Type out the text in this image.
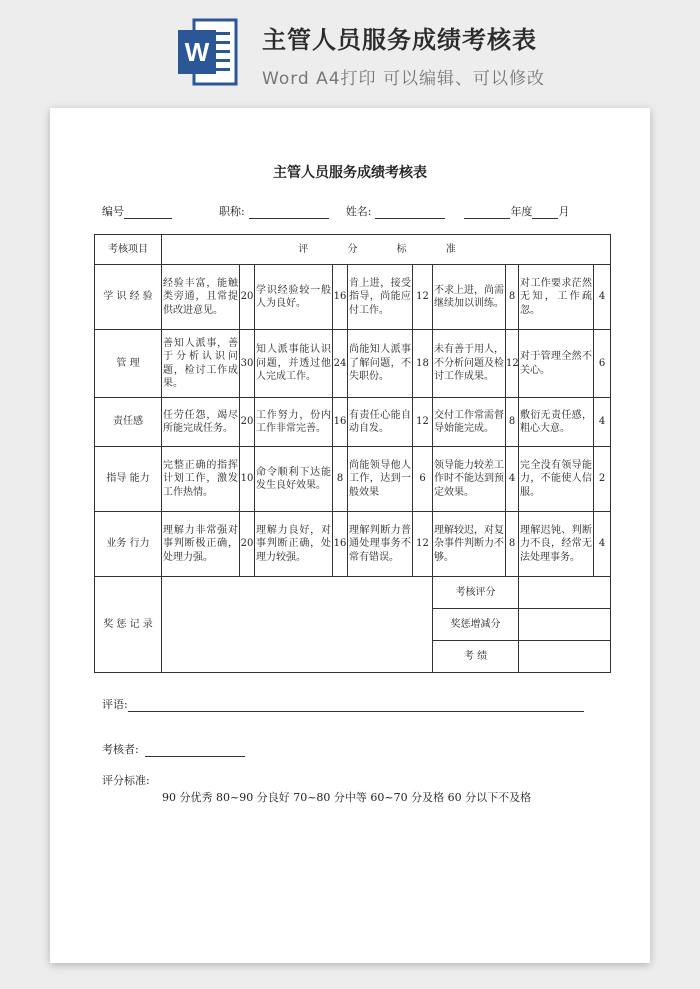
W 主管人员服务成绩考核表
Word A4打印 可以编辑、可以修改
主管人员服务成绩考核表
编号	职称:	姓名:	年度 月
考核项目	评 分 标 准									
学 识 经 验	经验丰富，能触类旁通，且常提供改进意见。	20	学识经验较一般人为良好。	16	肯上进，接受指导，尚能应付工作。	12	不求上进，尚需继续加以训练。	8	对工作要求茫然无知，工作疏忽。	4
管 理	善知人派事，善于分析认识问题，检讨工作成果。	30	知人派事能认识问题，并透过他人完成工作。	24	尚能知人派事了解问题，不失职份。	18	未有善于用人，不分析问题及检讨工作成果。	12	对于管理全然不关心。	6
责任感	任劳任怨，竭尽所能完成任务。	20	工作努力，份内工作非常完善。	16	有责任心能自动自发。	12	交付工作常需督导始能完成。	8	敷衍无责任感，粗心大意。	4
指导 能力	完整正确的指挥计划工作，激发工作热情。	10	命令顺利下达能发生良好效果。	8	尚能领导他人工作，达到一般效果	6	领导能力较差工作时不能达到预定效果。	4	完全没有领导能力，不能使人信服。	2
业务 行力	理解力非常强对事判断极正确，处理力强。	20	理解力良好，对事判断正确，处理力较强。	16	理解判断力普通处理事务不常有错误。	12	理解较迟，对复杂事件判断力不够。	8	理解迟钝、判断力不良，经常无法处理事务。	4
奖 惩 记 录							考核评分			
							奖惩增减分			
							考 绩			
评语:
考核者:
评分标准:
90 分优秀 80~90 分良好 70~80 分中等 60~70 分及格 60 分以下不及格
